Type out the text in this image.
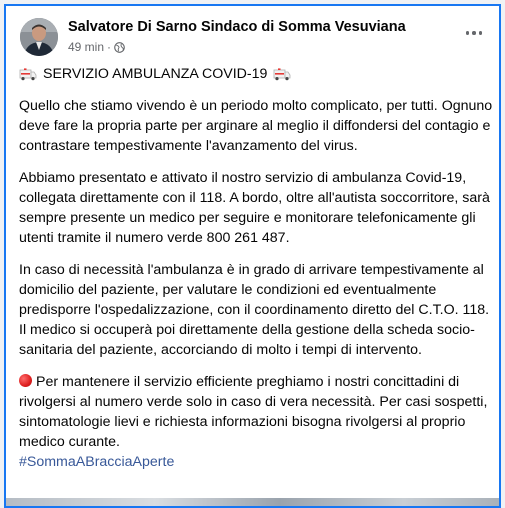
Salvatore Di Sarno Sindaco di Somma Vesuviana
49 min ·
SERVIZIO AMBULANZA COVID-19

Quello che stiamo vivendo è un periodo molto complicato, per tutti. Ognuno deve fare la propria parte per arginare al meglio il diffondersi del contagio e contrastare tempestivamente l'avanzamento del virus.

Abbiamo presentato e attivato il nostro servizio di ambulanza Covid-19, collegata direttamente con il 118. A bordo, oltre all'autista soccorritore, sarà sempre presente un medico per seguire e monitorare telefonicamente gli utenti tramite il numero verde 800 261 487.

In caso di necessità l'ambulanza è in grado di arrivare tempestivamente al domicilio del paziente, per valutare le condizioni ed eventualmente predisporre l'ospedalizzazione, con il coordinamento diretto del C.T.O. 118.
Il medico si occuperà poi direttamente della gestione della scheda socio-sanitaria del paziente, accorciando di molto i tempi di intervento.

Per mantenere il servizio efficiente preghiamo i nostri concittadini di rivolgersi al numero verde solo in caso di vera necessità. Per casi sospetti, sintomatologie lievi e richiesta informazioni bisogna rivolgersi al proprio medico curante.
#SommaABracciaAperte
